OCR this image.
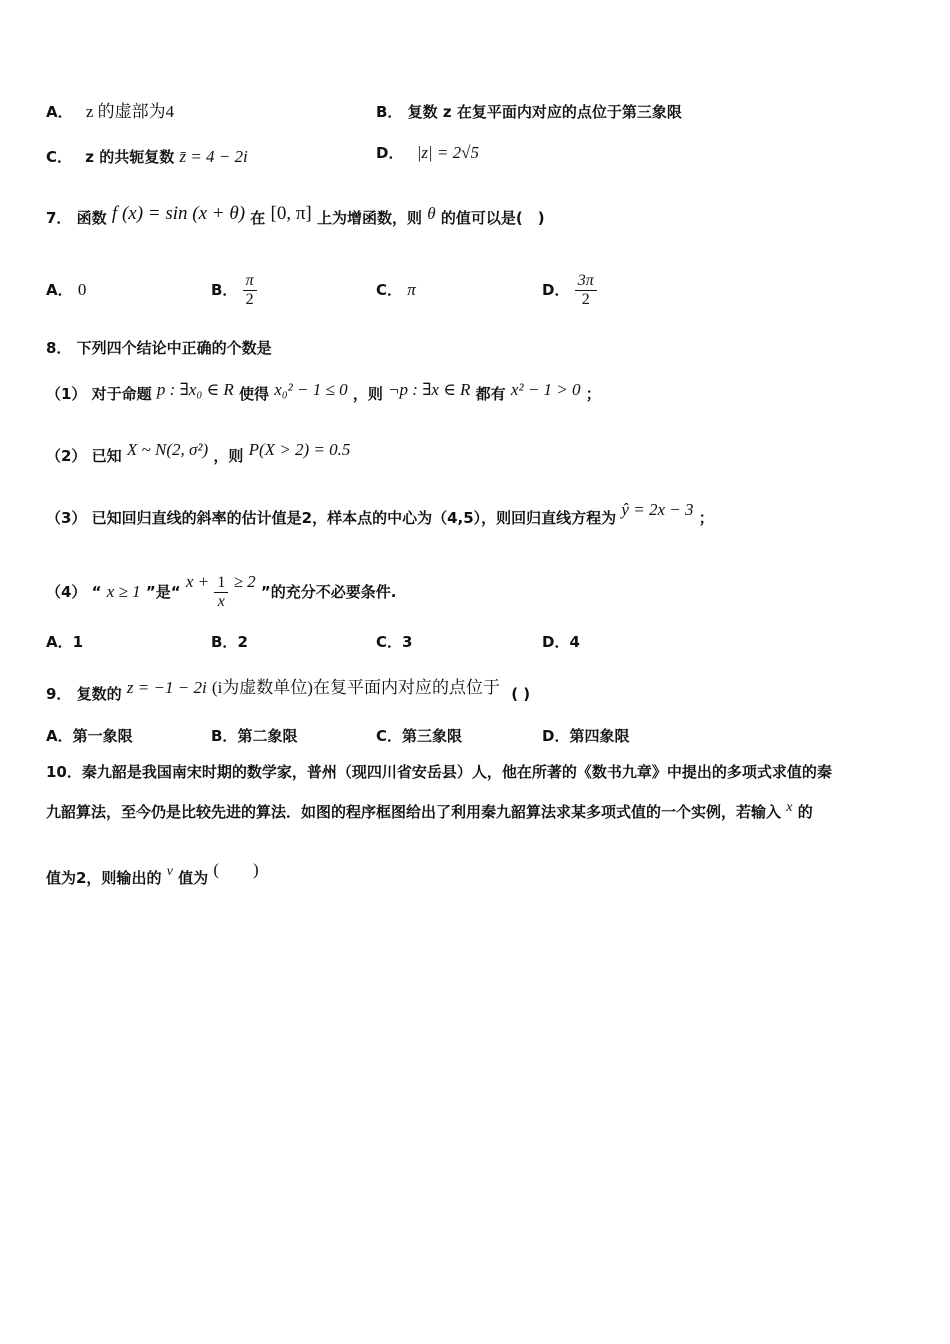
A． z 的虚部为4	B． 复数 z 在复平面内对应的点位于第三象限
C． z 的共轭复数 z̄ = 4 − 2i	D． |z| = 2√5
7． 函数 f (x) = sin (x + θ) 在 [0, π] 上为增函数，则 θ 的值可以是(　)
A． 0	B． $\frac{\pi}{2}$	C． π	D． $\frac{3\pi}{2}$
8． 下列四个结论中正确的个数是
（1） 对于命题 p : ∃x₀ ∈ R 使得 x₀² − 1 ≤ 0 ，则 ¬p : ∃x ∈ R 都有 x² − 1 > 0 ；
（2） 已知 X ~ N(2, σ²) ，则 P(X > 2) = 0.5
（3） 已知回归直线的斜率的估计值是2，样本点的中心为（4,5），则回归直线方程为 ŷ = 2x − 3 ；
（4） “ x ≥ 1 ”是“ $x + \frac{1}{x} \ge 2$ ”的充分不必要条件.
A．1	B．2	C．3	D．4
9． 复数的 z = −1 − 2i (i为虚数单位)在复平面内对应的点位于 ( )
A．第一象限	B．第二象限	C．第三象限	D．第四象限
10．秦九韶是我国南宋时期的数学家，普州（现四川省安岳县）人，他在所著的《数书九章》中提出的多项式求值的秦
九韶算法，至今仍是比较先进的算法．如图的程序框图给出了利用秦九韶算法求某多项式值的一个实例，若输入 x 的
值为2，则输出的 v 值为 (　　)
